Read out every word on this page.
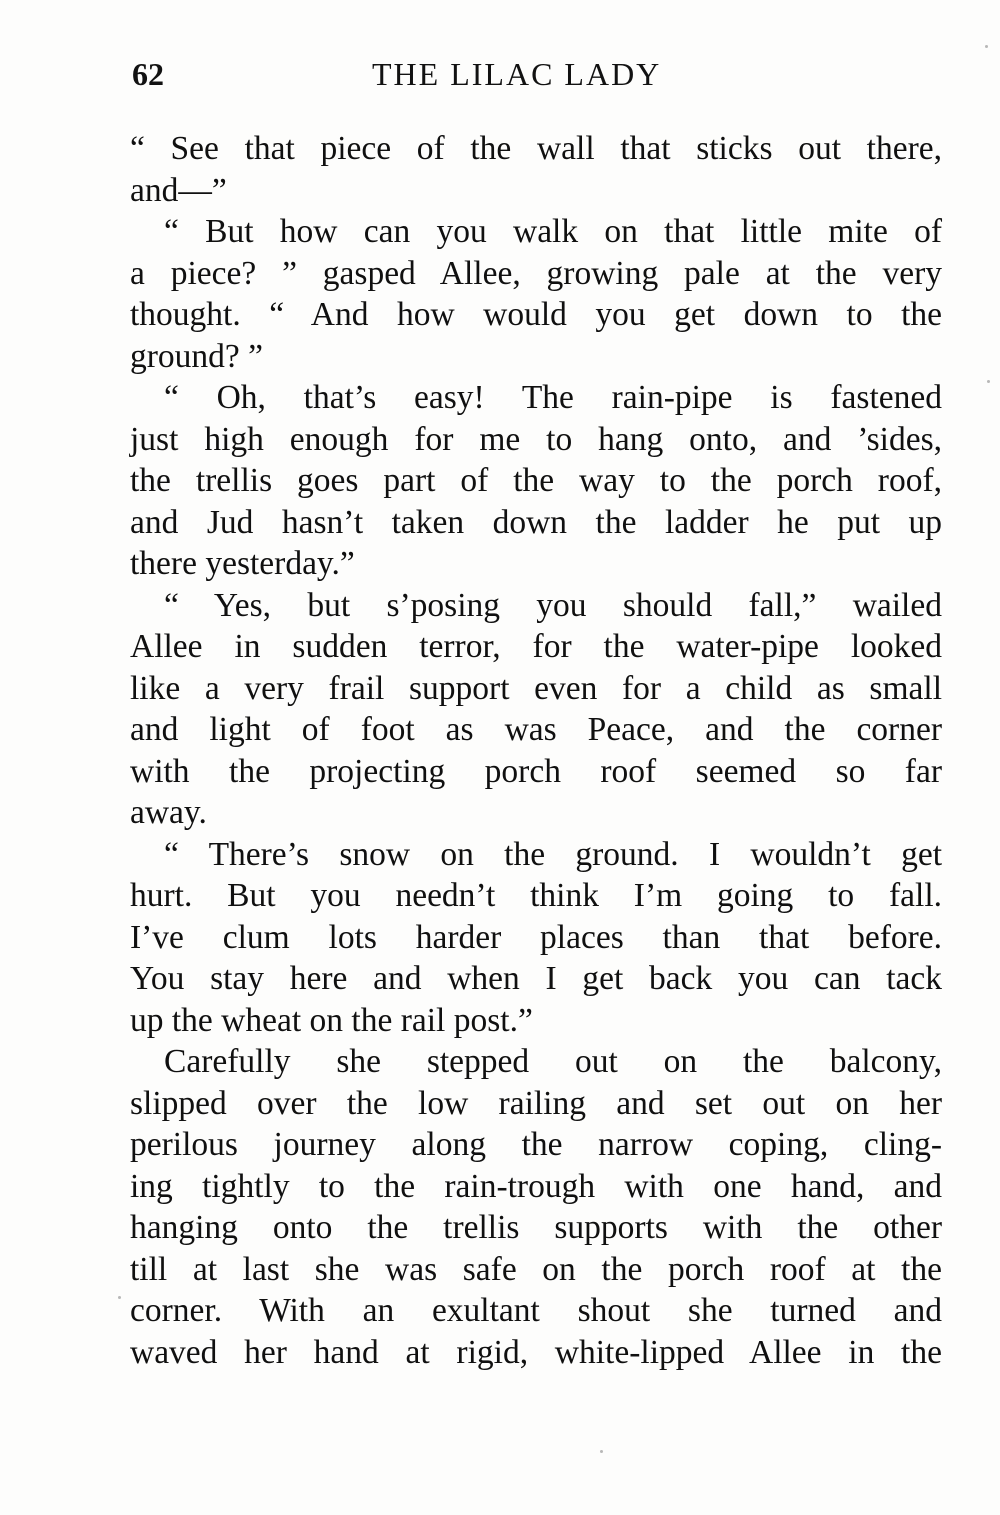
62	THE LILAC LADY
“ See that piece of the wall that sticks out there,
and—”
“ But how can you walk on that little mite of
a piece? ” gasped Allee, growing pale at the very
thought. “ And how would you get down to the
ground? ”
“ Oh, that’s easy! The rain-pipe is fastened
just high enough for me to hang onto, and ’sides,
the trellis goes part of the way to the porch roof,
and Jud hasn’t taken down the ladder he put up
there yesterday.”
“ Yes, but s’posing you should fall,” wailed
Allee in sudden terror, for the water-pipe looked
like a very frail support even for a child as small
and light of foot as was Peace, and the corner
with the projecting porch roof seemed so far
away.
“ There’s snow on the ground. I wouldn’t get
hurt. But you needn’t think I’m going to fall.
I’ve clum lots harder places than that before.
You stay here and when I get back you can tack
up the wheat on the rail post.”
Carefully she stepped out on the balcony,
slipped over the low railing and set out on her
perilous journey along the narrow coping, cling-
ing tightly to the rain-trough with one hand, and
hanging onto the trellis supports with the other
till at last she was safe on the porch roof at the
corner. With an exultant shout she turned and
waved her hand at rigid, white-lipped Allee in the
